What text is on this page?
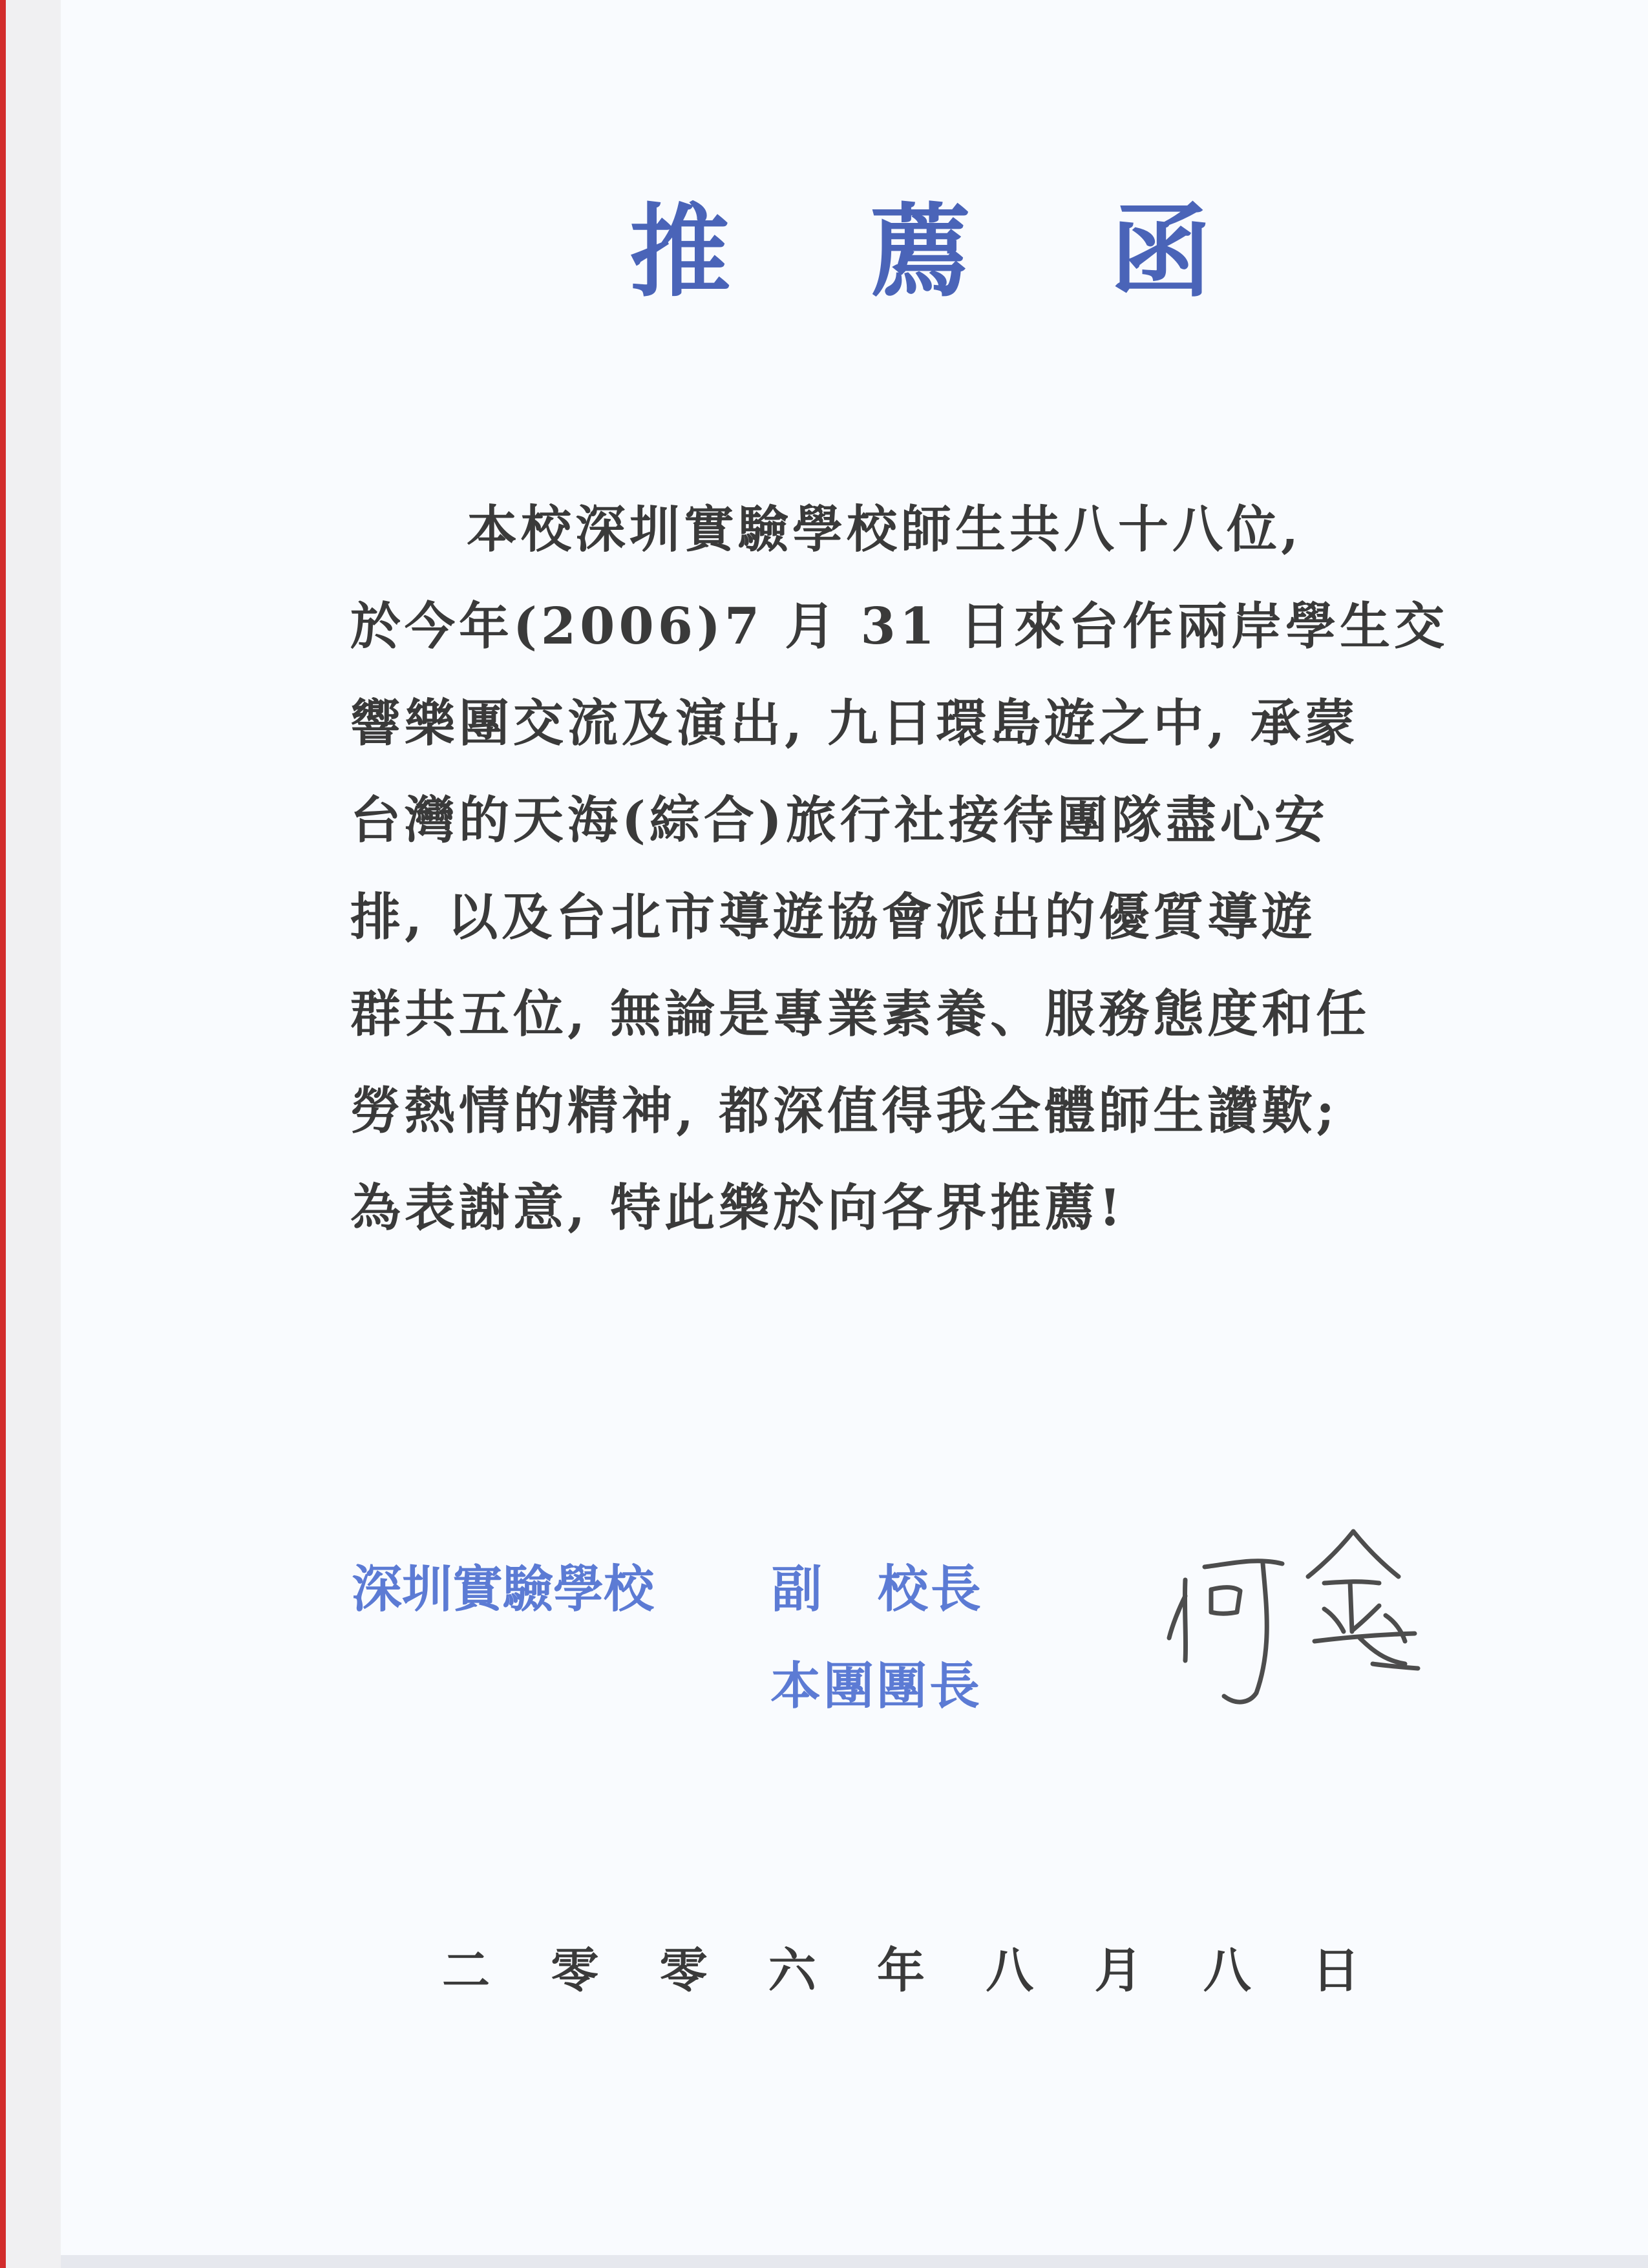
推 薦 函
本校深圳實驗學校師生共八十八位,
於今年(2006)7 月 31 日來台作兩岸學生交
響樂團交流及演出, 九日環島遊之中, 承蒙
台灣的天海(綜合)旅行社接待團隊盡心安
排, 以及台北市導遊協會派出的優質導遊
群共五位, 無論是專業素養、服務態度和任
勞熱情的精神, 都深值得我全體師生讚歎;
為表謝意, 特此樂於向各界推薦!
深圳實驗學校	副　校長
本團團長
二 零 零 六 年 八 月 八 日
